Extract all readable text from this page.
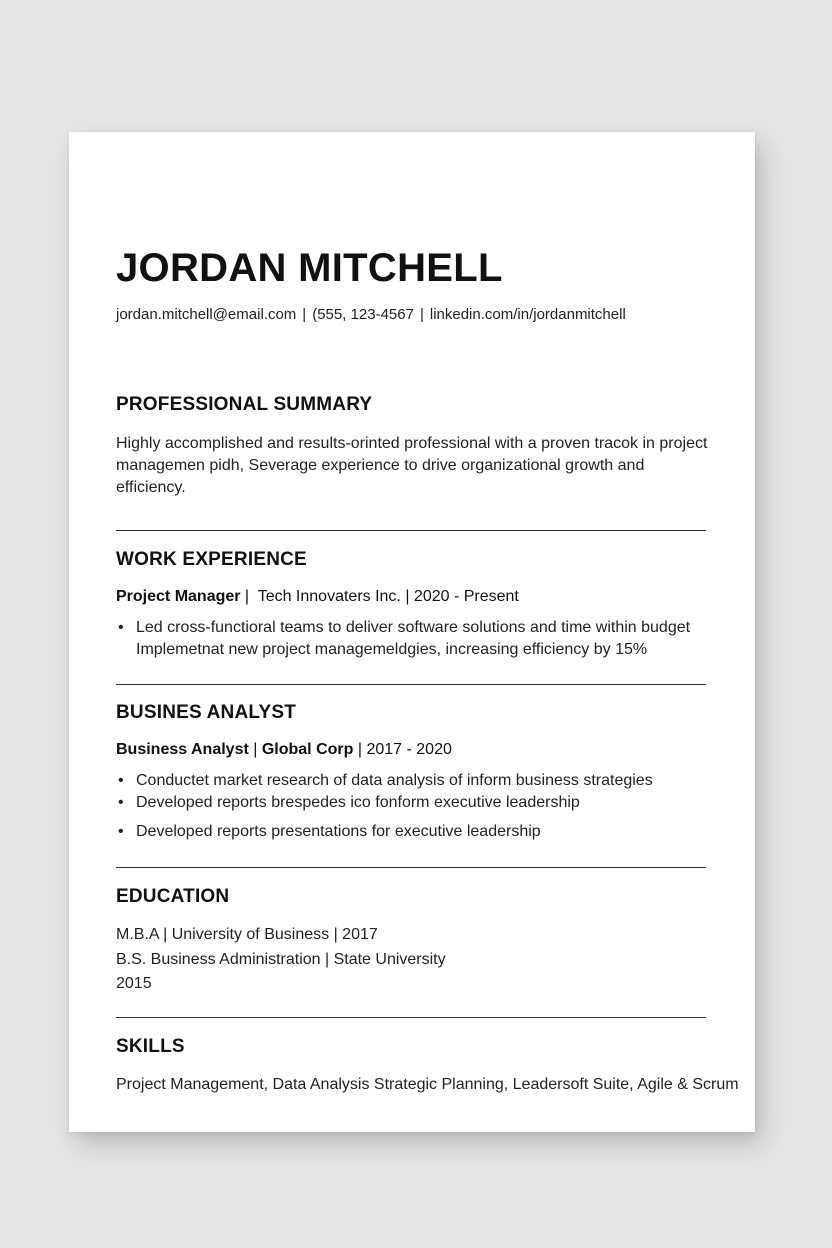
JORDAN MITCHELL
jordan.mitchell@email.com | (555, 123-4567 | linkedin.com/in/jordanmitchell
PROFESSIONAL SUMMARY
Highly accomplished and results-orinted professional with a proven tracok in project
managemen pidh, Severage experience to drive organizational growth and efficiency.
WORK EXPERIENCE
Project Manager |  Tech Innovaters Inc. | 2020 - Present
• Led cross-functioral teams to deliver software solutions and time within budget
Implemetnat new project managemeldgies, increasing efficiency by 15%
BUSINES ANALYST
Business Analyst | Global Corp | 2017 - 2020
• Conductet market research of data analysis of inform business strategies
• Developed reports brespedes ico fonform executive leadership
• Developed reports presentations for executive leadership
EDUCATION
M.B.A | University of Business | 2017
B.S. Business Administration | State University
2015
SKILLS
Project Management, Data Analysis Strategic Planning, Leadersoft Suite, Agile & Scrum
